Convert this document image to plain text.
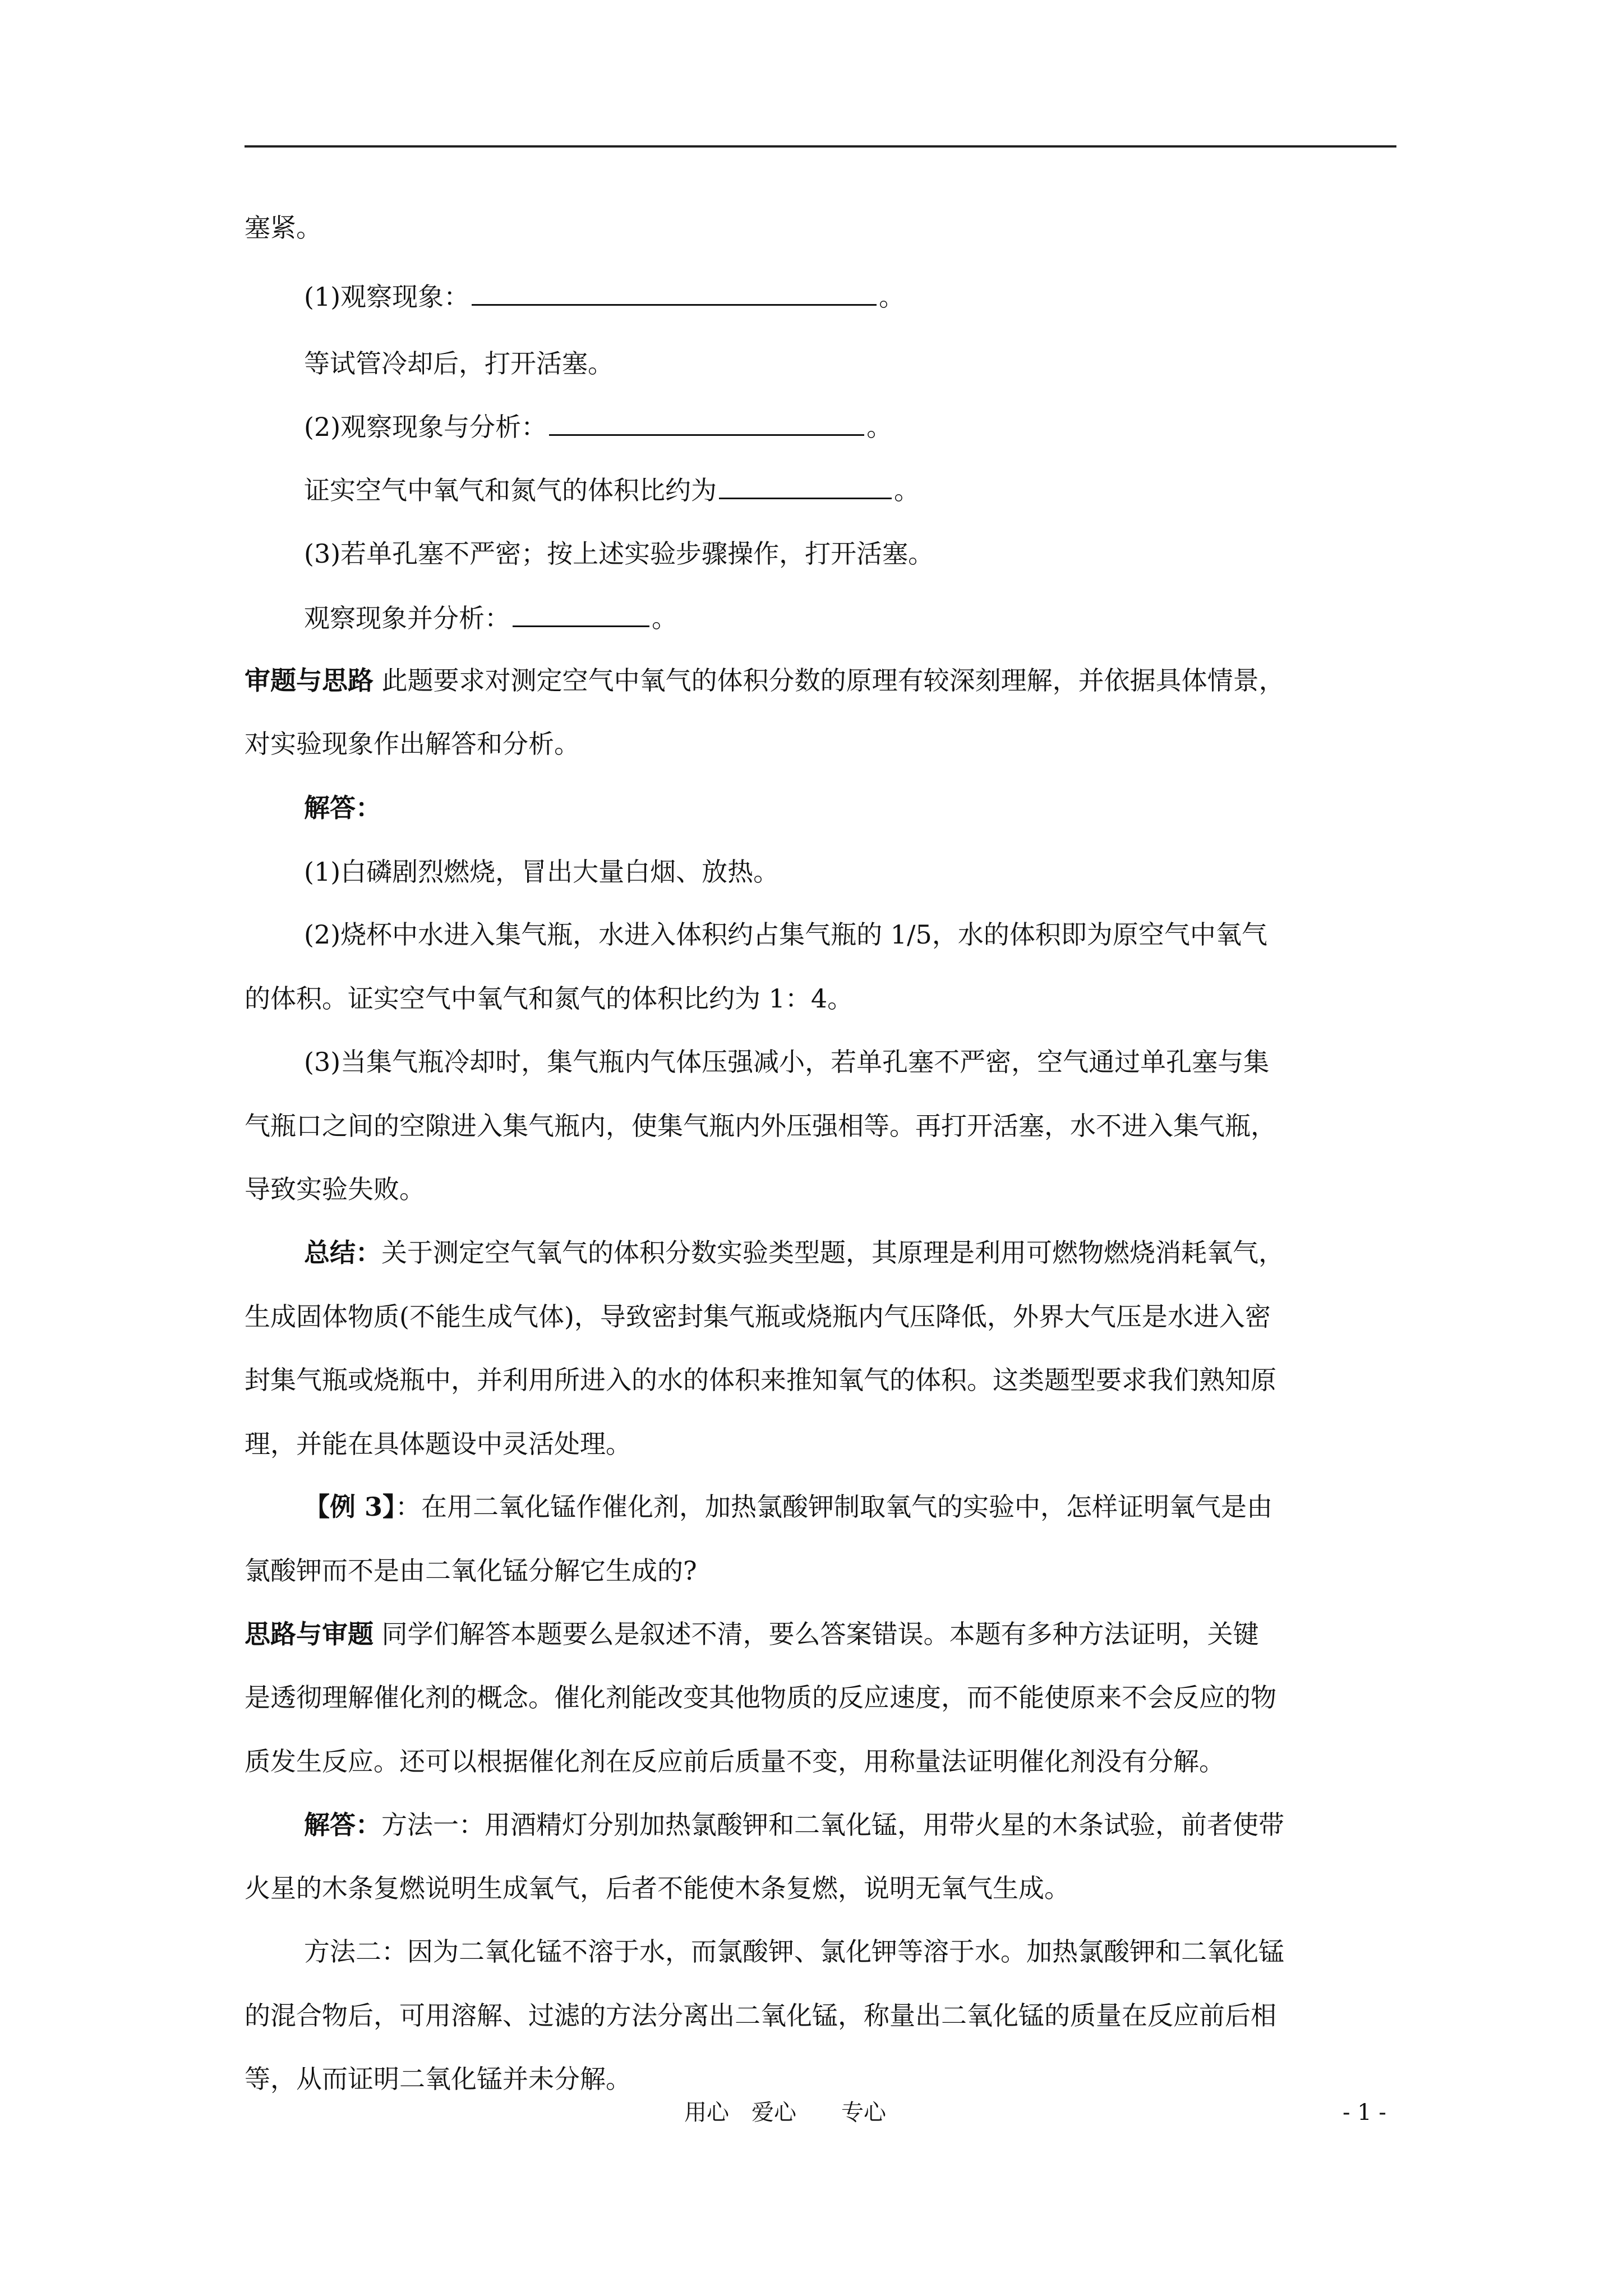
塞紧。
(1)观察现象：	。
等试管冷却后，打开活塞。
(2)观察现象与分析：	。
证实空气中氧气和氮气的体积比约为	。
(3)若单孔塞不严密；按上述实验步骤操作，打开活塞。
观察现象并分析：	。
审题与思路 此题要求对测定空气中氧气的体积分数的原理有较深刻理解，并依据具体情景，
对实验现象作出解答和分析。
解答：
(1)白磷剧烈燃烧，冒出大量白烟、放热。
(2)烧杯中水进入集气瓶，水进入体积约占集气瓶的 1/5，水的体积即为原空气中氧气
的体积。证实空气中氧气和氮气的体积比约为 1：4。
(3)当集气瓶冷却时，集气瓶内气体压强减小，若单孔塞不严密，空气通过单孔塞与集
气瓶口之间的空隙进入集气瓶内，使集气瓶内外压强相等。再打开活塞，水不进入集气瓶，
导致实验失败。
总结：关于测定空气氧气的体积分数实验类型题，其原理是利用可燃物燃烧消耗氧气，
生成固体物质(不能生成气体)，导致密封集气瓶或烧瓶内气压降低，外界大气压是水进入密
封集气瓶或烧瓶中，并利用所进入的水的体积来推知氧气的体积。这类题型要求我们熟知原
理，并能在具体题设中灵活处理。
【例 3】：在用二氧化锰作催化剂，加热氯酸钾制取氧气的实验中，怎样证明氧气是由
氯酸钾而不是由二氧化锰分解它生成的?
思路与审题 同学们解答本题要么是叙述不清，要么答案错误。本题有多种方法证明，关键
是透彻理解催化剂的概念。催化剂能改变其他物质的反应速度，而不能使原来不会反应的物
质发生反应。还可以根据催化剂在反应前后质量不变，用称量法证明催化剂没有分解。
解答：方法一：用酒精灯分别加热氯酸钾和二氧化锰，用带火星的木条试验，前者使带
火星的木条复燃说明生成氧气，后者不能使木条复燃，说明无氧气生成。
方法二：因为二氧化锰不溶于水，而氯酸钾、氯化钾等溶于水。加热氯酸钾和二氧化锰
的混合物后，可用溶解、过滤的方法分离出二氧化锰，称量出二氧化锰的质量在反应前后相
等，从而证明二氧化锰并未分解。
用心　爱心　　专心	- 1 -
